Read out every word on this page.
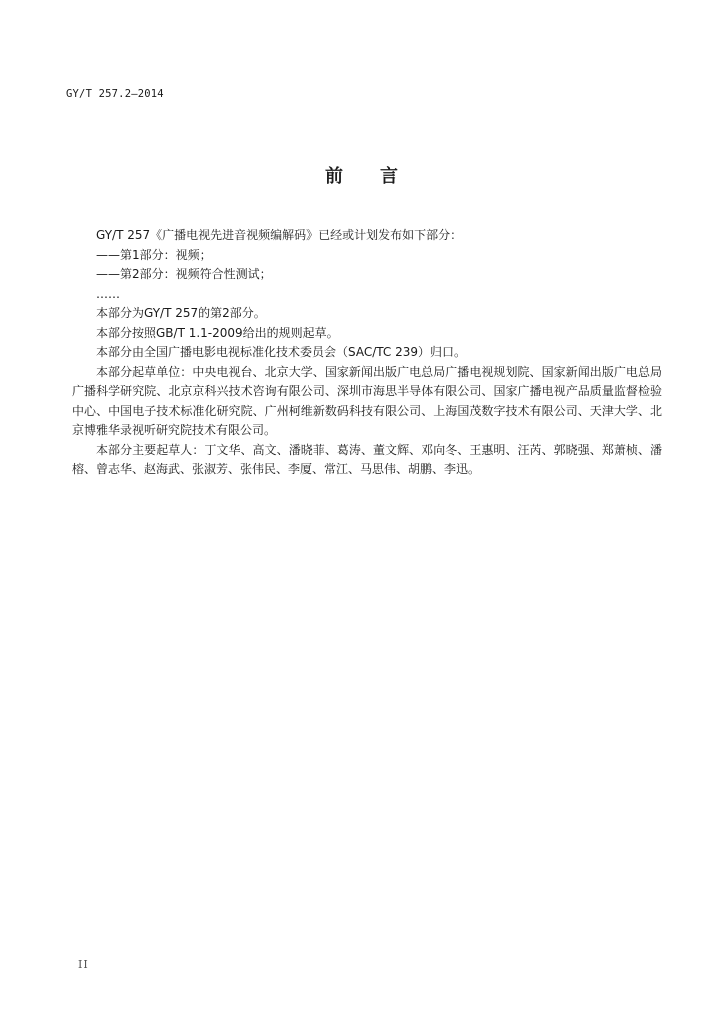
GY/T 257.2—2014
前 言

GY/T 257《广播电视先进音视频编解码》已经或计划发布如下部分：

——第1部分：视频；

——第2部分：视频符合性测试；

……

本部分为GY/T 257的第2部分。

本部分按照GB/T 1.1-2009给出的规则起草。

本部分由全国广播电影电视标准化技术委员会（SAC/TC 239）归口。

本部分起草单位：中央电视台、北京大学、国家新闻出版广电总局广播电视规划院、国家新闻出版广电总局广播科学研究院、北京京科兴技术咨询有限公司、深圳市海思半导体有限公司、国家广播电视产品质量监督检验中心、中国电子技术标准化研究院、广州柯维新数码科技有限公司、上海国茂数字技术有限公司、天津大学、北京博雅华录视听研究院技术有限公司。

本部分主要起草人：丁文华、高文、潘晓菲、葛涛、董文辉、邓向冬、王惠明、汪芮、郭晓强、郑萧桢、潘榕、曾志华、赵海武、张淑芳、张伟民、李厦、常江、马思伟、胡鹏、李迅。

II
